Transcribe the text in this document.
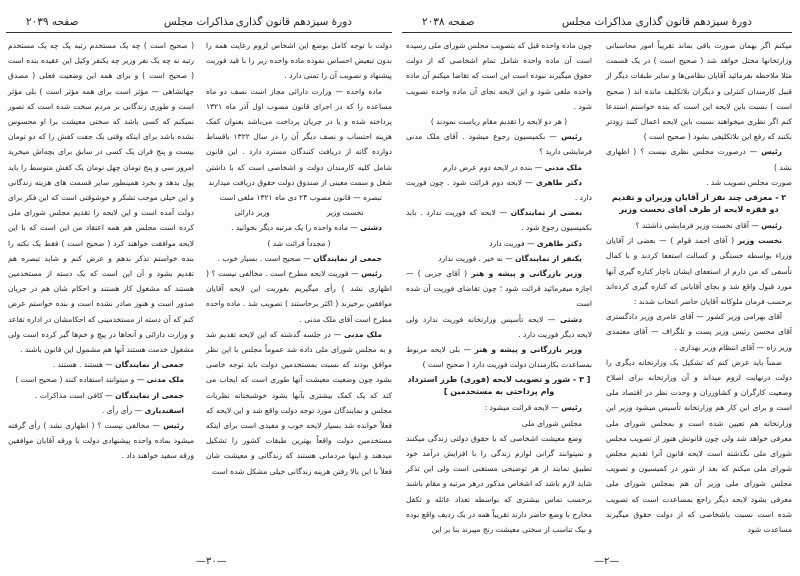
دورهٔ سیزدهم قانون گذاری
مذاکرات مجلس
صفحه ۲۰۳۹

دولت با توجه کامل بوضع این اشخاص لزوم رعایت همه را بدون تبعیض احساس نموده ماده واحده زیر را با قید فوریت پیشنهاد و تصویب آن را تمنی دارد .

ماده واحده — وزارت دارائی مجاز است نصف دو ماه مساعده را که در اجرای قانون مصوب اول آذر ماه ۱۳۲۱ پرداخته شده و یا در جریان پرداخت می‌باشد بعنوان کمک هزینه احتساب و نصف دیگر آن را در سال ۱۳۲۲ باقساط دوازده گانه از دریافت کنندگان مسترد دارد . این قانون شامل کلیه کارمندان دولت و اشخاصی است که با داشتن شغل و سمت معینی از صندوق دولت حقوق دریافت میدارند

تبصره — قانون مصوب ۲۴ دی ماه ۱۳۲۱ ملغی است

نخست وزیر
وزیر دارائی

دشتی — ماده واحده را یک مرتبه دیگر بخوانید .

( مجدداً قرائت شد )

جمعی از نمایندگان — صحیح است . بسیار خوب .

رئیس — فوریت لایحه مطرح است . مخالفی نیست ؟ ( اظهاری نشد ) رأی میگیریم بفوریت این لایحه آقایان موافقین برخیزند ( اکثر برخاستند ) تصویب شد . ماده واحده مطرح است آقای ملک مدنی .

ملک مدنی — در جلسه گذشته که این لایحه تقدیم شد و به مجلس شورای ملی داده شد عموماً مجلس با این نظر موافق بودند که نسبت بمستخدمین دولت باید توجه خاصی بشود چون وضعیت معیشت آنها طوری است که ایجاب می کند که یک کمک بیشتری بآنها بشود خوشبختانه نظریات مجلس و نمایندگان مورد توجه دولت واقع شد و این لایحه که فعلاً خوانده شد بسیار لایحه خوب و مفیدی است برای اینکه مستخدمین دولت واقعاً بهترین طبقات کشور را تشکیل میدهند و اینها مردمانی هستند که زندگانی و معیشت شان فعلاً با این بالا رفتن هزینه زندگانی خیلی مشکل شده است

( صحیح است ) چه یک مستخدم رتبه یک چه یک مستخدم رتبه نه چه یک نفر وزیر چه یکنفر وکیل این عقیده بنده است ( صحیح است ) و برای همه این وضعیت فعلی ( مصدق جهانشاهی — مؤثر است برای همه مؤثر است ) بلی مؤثر است و طوری زندگانی بر مردم سخت شده است که تصور نمیکنم که کسی باشد که سختی معیشت برا او محسوس نشده باشد برای اینکه وقتی یک جفت کفش را که دو تومان بیست و پنج قران یک کسی در سابق برای بچه‌اش میخرید امروز سی و پنج تومان چهل تومان یک کفش متوسط را باید پول بدهد و بخرد همینطور سایر قسمت های هزینه زندگانی و این خیلی موجب تشکر و خوشوقتی است که این فکر برای دولت آمده است و این لایحه را تقدیم مجلس شورای ملی کرده است مجلس هم همه اعتقاد من این است که با این لایحه موافقت خواهند کرد ( صحیح است ) فقط یک نکته را بنده خواستم تذکر بدهم و عرض کنم و شاید تبصره هم تقدیم بشود و آن این است که یک دسته از مستخدمین هستند که مشغول کار هستند و احکام شان هم در جریان صدور است و هنوز صادر نشده است و بنده خواستم عرض کنم که آن دسته از مستخدمینی که احکامشان در اداره تقاعد و وزارت دارائی و آنجاها در پیچ و خم‌ها گیر کرده است ولی مشغول خدمت هستند آنها هم مشمول این قانون باشند .

جمعی از نمایندگان — هستند . هستند .

ملک مدنی — و میتوانند استفاده کنند ( صحیح است )

جمعی از نمایندگان — کافی است مذاکرات .

اسفندیاری — رأی رأی .

رئیس — مخالفی نیست ؟ ( اظهاری نشد ) رأی گرفته میشود بماده واحده پیشنهادی دولت با ورقه آقایان موافقین ورقه سفید خواهند داد .

—۳۰—
دورهٔ سیزدهم قانون گذاری
مذاکرات مجلس
صفحه ۲۰۳۸

میکنم اگر بهمان صورت باقی بماند تقریباً امور محاسباتی وزارتخانها مختل خواهد شد ( صحیح است ) در یک قسمت مثلا ملاحظه بفرمائید آقایان نظامی‌ها و سایر طبقات دیگر از قبیل کارمندان کنترلی و دیگران بلاتکلیف مانده اند ( صحیح است ) نسبت باین لایحه این است که بنده خواستم استدعا کنم اگر نظری میخواهند نسبت باین لایحه اعمال کنند زودتر بکنند که رفع این بلاتکلیفی بشود ( صحیح است )

رئیس — درصورت مجلس نظری نیست ؟ ( اظهاری نشد )

صورت مجلس تصویب شد .

۲ - معرفی چند نفر از آقایان وزیران و تقدیم دو فقره لایحه از طرف آقای نخست وزیر

رئیس — آقای نخست وزیر فرمایشی داشتند ؟

نخست وزیر ( آقای احمد قوام ) — بعضی از آقایان وزراء بواسطه خستگی و کسالت استعفا کردند و با کمال تأسفی که من دارم از استعفای ایشان ناچار کناره گیری آنها مورد قبول واقع شد و بجای آقایانی که کناره گیری کرده‌اند برحسب فرمان ملوکانه آقایان حاضر انتخاب شدند :

آقای بهرامی وزیر کشور — آقای عامری وزیر دادگستری آقای محسن رئیس وزیر پست و تلگراف — آقای معتمدی وزیر راه — آقای انتظام وزیر بهداری .

ضمناً باید عرض کنم که تشکیل یک وزارتخانه دیگری را دولت درنهایت لزوم میداند و آن وزارتخانه برای اصلاح وضعیت کارگران و کشاورزان و وحدت نظر در اقتصاد ملی است و برای این کار هم وزارتخانه تأسیس میشود وزیر این وزارتخانه هم تعیین شده است و بمجلس شورای ملی معرفی خواهد شد ولی چون قانونش هنوز از تصویب مجلس شورای ملی نگذشته است لایحه قانون آنرا تقدیم مجلس شورای ملی میکنم که بعد از شور در کمیسیون و تصویب مجلس شورای ملی وزیر آن هم بمجلس شورای ملی معرفی بشود لایحه دیگر راجع بمساعدت است که تصویب شده است نسبت باشخاصی که از دولت حقوق میگیرند مساعدت شود

چون ماده واحده قبل که بتصویب مجلس شورای ملی رسیده است آن ماده واحده شامل تمام اشخاصی که از دولت حقوق میگیرند نبوده است این است که تقاضا میکنم آن ماده واحده ملغی شود و این لایحه بجای آن ماده واحده تصویب شود .

( هر دو لایحه را تقدیم مقام ریاست نمودند )

رئیس — بکمیسیون رجوع میشود . آقای ملک مدنی فرمایشی دارید ؟

ملک مدنی — بنده در لایحه دوم عرض دارم

دکتر طاهری — لایحه دوم قرائت شود . چون فوریت دارد .

بعضی از نمایندگان — لایحه که فوریت ندارد . باید بکمیسیون رجوع شود .

دکتر طاهری — فوریت دارد

یکنفر از نمایندگان — نه خیر . فوریت ندارد

وزیر بازرگانی و پیشه و هنر ( آقای حزبی ) — اجازه میفرمائید قرائت شود ؛ چون تقاضای فوریت آن شده است

دشتی — لایحه تأسیس وزارتخانه فوریت ندارد ولی لایحه دیگر فوریت دارد .

وزیر بازرگانی و پیشه و هنر — بلی لایحه مربوط بمساعدت بکارمندان دولت فوریت دارد ( صحیح است )

[ ۳ - شور و تصویب لایحه (فوری) طرز استرداد وام پرداختی به مستخدمین ]

رئیس — لایحه قرائت میشود :

مجلس شورای ملی

وضع معیشت اشخاصی که با حقوق دولتی زندگی میکنند و نمیتوانند گرانی لوازم زندگی را با افزایش درآمد خود تطبیق نمایند از هر توضیحی مستغنی است ولی این تذکر شاید لازم باشد که اشخاص مذکور درهر مرتبه و مقام باشند برحسب تماس بیشتری که بواسطه تعداد عائله و تکفل مخارج با وضع حاضر دارند تقریباً همه در یک ردیف واقع بوده و بیک تناسب از سختی معیشت رنج میبرند بنا بر این

—۲—
